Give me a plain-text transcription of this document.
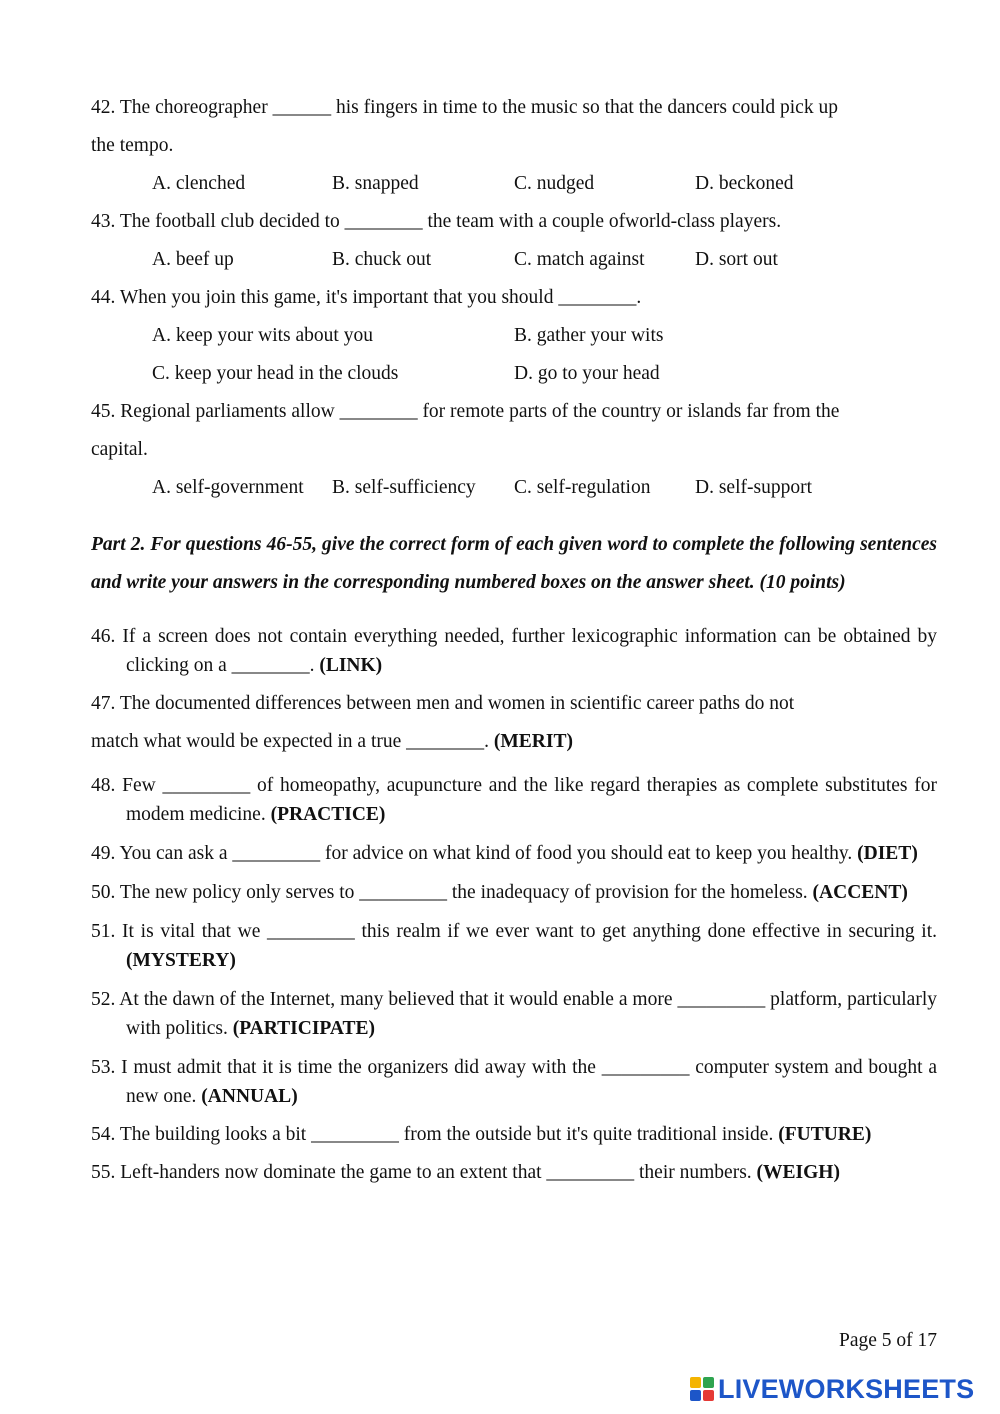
42. The choreographer ______ his fingers in time to the music so that the dancers could pick up

the tempo.

A. clenched	B. snapped	C. nudged	D. beckoned

43. The football club decided to ________ the team with a couple ofworld-class players.

A. beef up	B. chuck out	C. match against	D. sort out

44. When you join this game, it's important that you should ________.

A. keep your wits about you	B. gather your wits
C. keep your head in the clouds	D. go to your head

45. Regional parliaments allow ________ for remote parts of the country or islands far from the

capital.

A. self-government B. self-sufficiency C. self-regulation D. self-support

Part 2. For questions 46-55, give the correct form of each given word to complete the following sentences and write your answers in the corresponding numbered boxes on the answer sheet. (10 points)

46. If a screen does not contain everything needed, further lexicographic information can be obtained by clicking on a ________. (LINK)

47. The documented differences between men and women in scientific career paths do not

match what would be expected in a true ________. (MERIT)

48. Few _________ of homeopathy, acupuncture and the like regard therapies as complete substitutes for modem medicine. (PRACTICE)

49. You can ask a _________ for advice on what kind of food you should eat to keep you healthy. (DIET)

50. The new policy only serves to _________ the inadequacy of provision for the homeless. (ACCENT)

51. It is vital that we _________ this realm if we ever want to get anything done effective in securing it. (MYSTERY)

52. At the dawn of the Internet, many believed that it would enable a more _________ platform, particularly with politics. (PARTICIPATE)

53. I must admit that it is time the organizers did away with the _________ computer system and bought a new one. (ANNUAL)

54. The building looks a bit _________ from the outside but it's quite traditional inside. (FUTURE)

55. Left-handers now dominate the game to an extent that _________ their numbers. (WEIGH)

Page 5 of 17
LIVEWORKSHEETS
